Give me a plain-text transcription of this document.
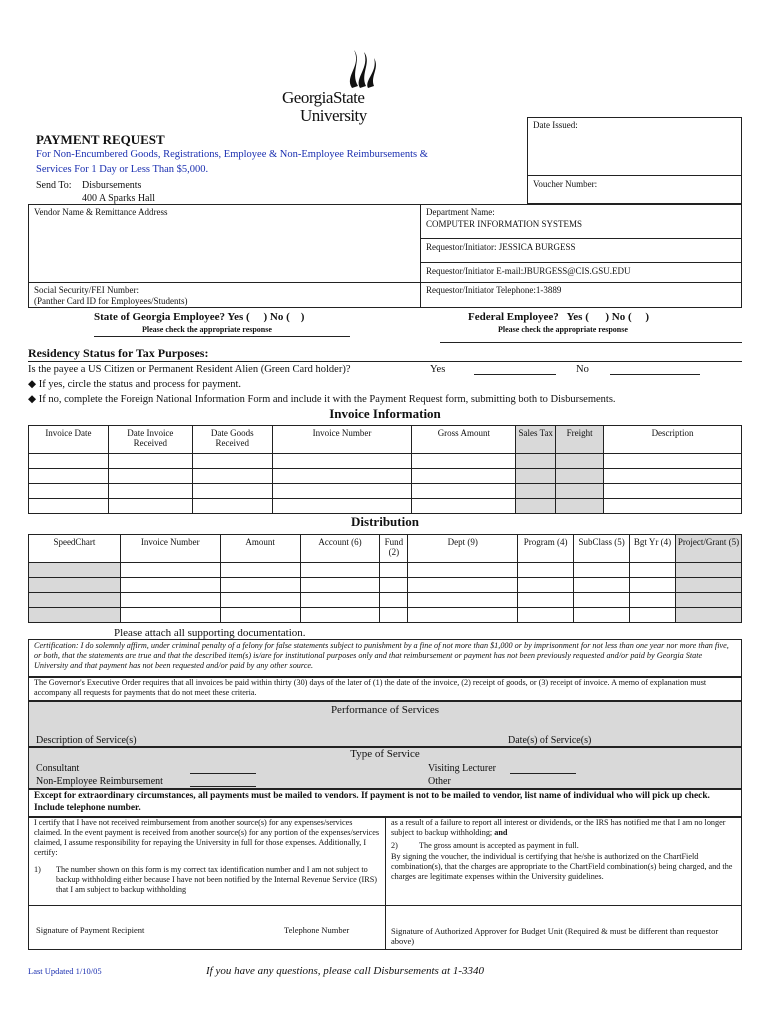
GeorgiaState
University	Date Issued:
Voucher Number:
PAYMENT REQUEST
For Non-Encumbered Goods, Registrations, Employee & Non-Employee Reimbursements &
Services For 1 Day or Less Than $5,000.
Send To: Disbursements
400 A Sparks Hall
Vendor Name & Remittance Address	Department Name:
COMPUTER INFORMATION SYSTEMS
Requestor/Initiator: JESSICA BURGESS
Requestor/Initiator E-mail:JBURGESS@CIS.GSU.EDU
Social Security/FEI Number:
(Panther Card ID for Employees/Students)
Requestor/Initiator Telephone:1-3889
State of Georgia Employee? Yes ( ) No ( )
Please check the appropriate response
Federal Employee? Yes ( ) No ( )
Please check the appropriate response
Residency Status for Tax Purposes:
Is the payee a US Citizen or Permanent Resident Alien (Green Card holder)?	Yes	No
◆ If yes, circle the status and process for payment.
◆ If no, complete the Foreign National Information Form and include it with the Payment Request form, submitting both to Disbursements.
Invoice Information
Invoice Date	Date Invoice Received	Date Goods Received	Invoice Number	Gross Amount	Sales Tax	Freight	Description

Distribution
SpeedChart	Invoice Number	Amount	Account (6)	Fund (2)	Dept (9)	Program (4)	SubClass (5)	Bgt Yr (4)	Project/Grant (5)

Please attach all supporting documentation.
Certification: I do solemnly affirm, under criminal penalty of a felony for false statements subject to punishment by a fine of not more than $1,000 or by imprisonment for not less than one year nor more than five, or both, that the statements are true and that the described item(s) is/are for institutional purposes only and that reimbursement or payment has not been previously requested and/or paid by Georgia State University and that payment has not been requested and/or paid by any other source.
The Governor's Executive Order requires that all invoices be paid within thirty (30) days of the later of (1) the date of the invoice, (2) receipt of goods, or (3) receipt of invoice. A memo of explanation must accompany all requests for payments that do not meet these criteria.
Performance of Services
Description of Service(s)	Date(s) of Service(s)
Type of Service
Consultant
Non-Employee Reimbursement
Visiting Lecturer
Other
Except for extraordinary circumstances, all payments must be mailed to vendors. If payment is not to be mailed to vendor, list name of individual who will pick up check. Include telephone number.
I certify that I have not received reimbursement from another source(s) for any expenses/services claimed. In the event payment is received from another source(s) for any portion of the expenses/services claimed, I assume responsibility for repaying the University in full for those expenses. Additionally, I certify:
1) The number shown on this form is my correct tax identification number and I am not subject to backup withholding either because I have not been notified by the Internal Revenue Service (IRS) that I am subject to backup withholding
as a result of a failure to report all interest or dividends, or the IRS has notified me that I am no longer subject to backup withholding; and
2)	The gross amount is accepted as payment in full.
By signing the voucher, the individual is certifying that he/she is authorized on the ChartField combination(s), that the charges are appropriate to the ChartField combination(s) being charged, and the charges are legitimate expenses within the University guidelines.
Signature of Payment Recipient	Telephone Number	Signature of Authorized Approver for Budget Unit (Required & must be different than requestor above)
Last Updated 1/10/05	If you have any questions, please call Disbursements at 1-3340
